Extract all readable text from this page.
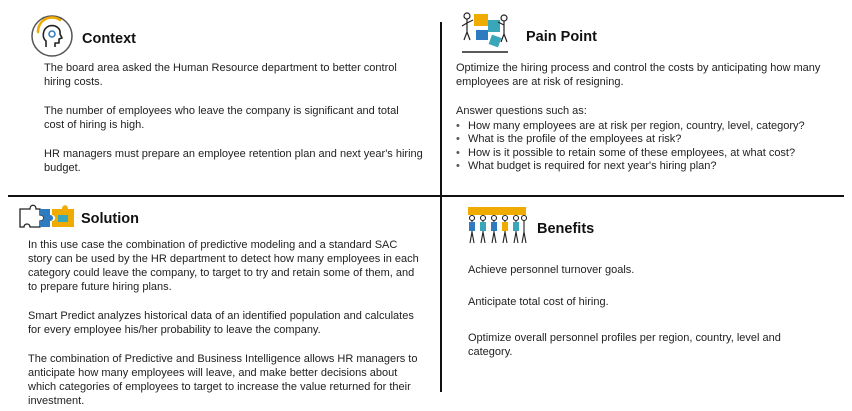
Context

The board area asked the Human Resource department to better control hiring costs.

The number of employees who leave the company is significant and total cost of hiring is high.

HR managers must prepare an employee retention plan and next year's hiring budget.

Pain Point

Optimize the hiring process and control the costs by anticipating how many employees are at risk of resigning.

Answer questions such as:

• How many employees are at risk per region, country, level, category?
• What is the profile of the employees at risk?
• How is it possible to retain some of these employees, at what cost?
• What budget is required for next year's hiring plan?
Solution

In this use case the combination of predictive modeling and a standard SAC story can be used by the HR department to detect how many employees in each category could leave the company, to target to try and retain some of them, and to prepare future hiring plans.

Smart Predict analyzes historical data of an identified population and calculates for every employee his/her probability to leave the company.

The combination of Predictive and Business Intelligence allows HR managers to anticipate how many employees will leave, and make better decisions about which categories of employees to target to increase the value returned for their investment.

Benefits

Achieve personnel turnover goals.

Anticipate total cost of hiring.

Optimize overall personnel profiles per region, country, level and category.
